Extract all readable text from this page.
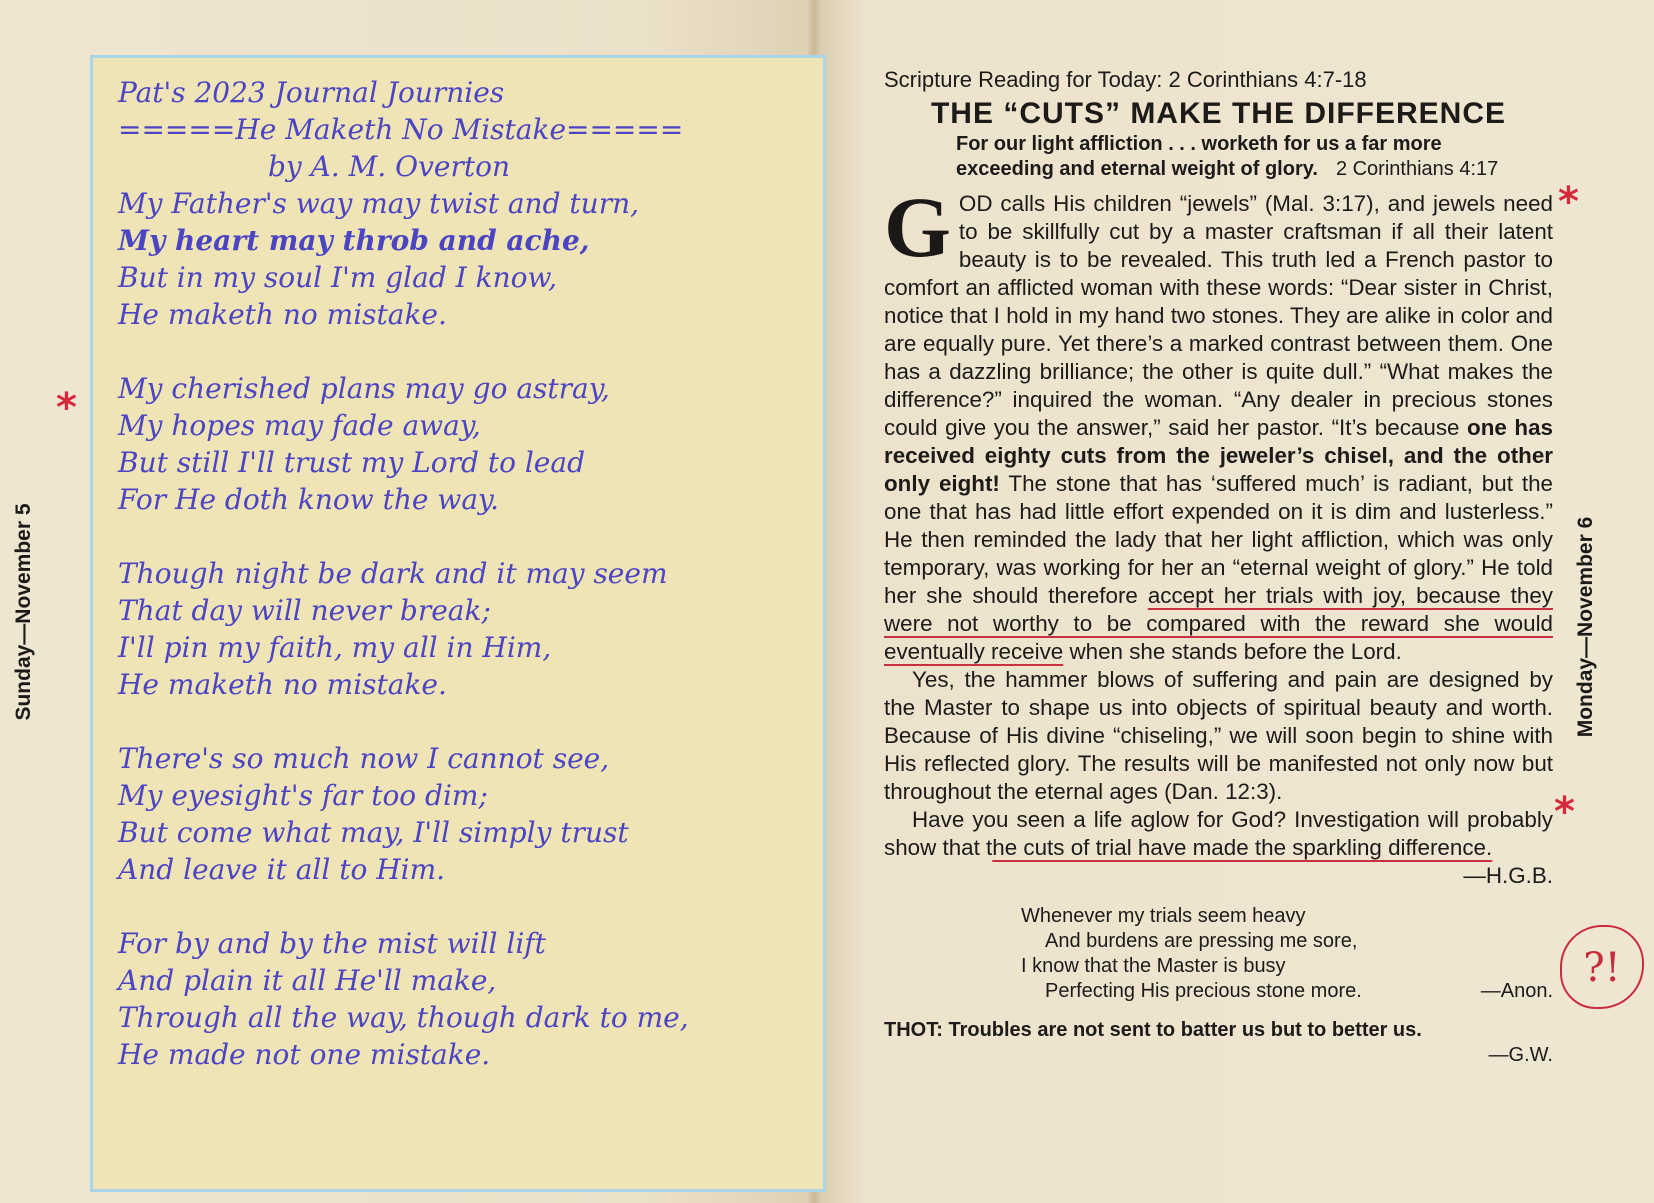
Pat's 2023 Journal Journies
=====He Maketh No Mistake=====
by A. M. Overton
My Father's way may twist and turn,
My heart may throb and ache,
But in my soul I'm glad I know,
He maketh no mistake.
My cherished plans may go astray,
My hopes may fade away,
But still I'll trust my Lord to lead
For He doth know the way.
Though night be dark and it may seem
That day will never break;
I'll pin my faith, my all in Him,
He maketh no mistake.
There's so much now I cannot see,
My eyesight's far too dim;
But come what may, I'll simply trust
And leave it all to Him.
For by and by the mist will lift
And plain it all He'll make,
Through all the way, though dark to me,
He made not one mistake.
Sunday—November 5	Monday—November 6
*
*
*
?!
Scripture Reading for Today: 2 Corinthians 4:7-18
THE “CUTS” MAKE THE DIFFERENCE
For our light affliction . . . worketh for us a far more
exceeding and eternal weight of glory. 2 Corinthians 4:17

GOD calls His children “jewels” (Mal. 3:17), and jewels need to be skillfully cut by a master craftsman if all their latent beauty is to be revealed. This truth led a French pastor to comfort an afflicted woman with these words: “Dear sister in Christ, notice that I hold in my hand two stones. They are alike in color and are equally pure. Yet there’s a marked contrast between them. One has a dazzling brilliance; the other is quite dull.” “What makes the difference?” inquired the woman. “Any dealer in precious stones could give you the answer,” said her pastor. “It’s because one has received eighty cuts from the jeweler’s chisel, and the other only eight! The stone that has ‘suffered much’ is radiant, but the one that has had little effort expended on it is dim and lusterless.” He then reminded the lady that her light affliction, which was only temporary, was working for her an “eternal weight of glory.” He told her she should therefore accept her trials with joy, because they were not worthy to be compared with the reward she would eventually receive when she stands before the Lord.

Yes, the hammer blows of suffering and pain are designed by the Master to shape us into objects of spiritual beauty and worth. Because of His divine “chiseling,” we will soon begin to shine with His reflected glory. The results will be manifested not only now but throughout the eternal ages (Dan. 12:3).

Have you seen a life aglow for God? Investigation will probably show that the cuts of trial have made the sparkling difference.

—H.G.B.
Whenever my trials seem heavy
And burdens are pressing me sore,
I know that the Master is busy
Perfecting His precious stone more.	—Anon.
THOT: Troubles are not sent to batter us but to better us.
—G.W.
